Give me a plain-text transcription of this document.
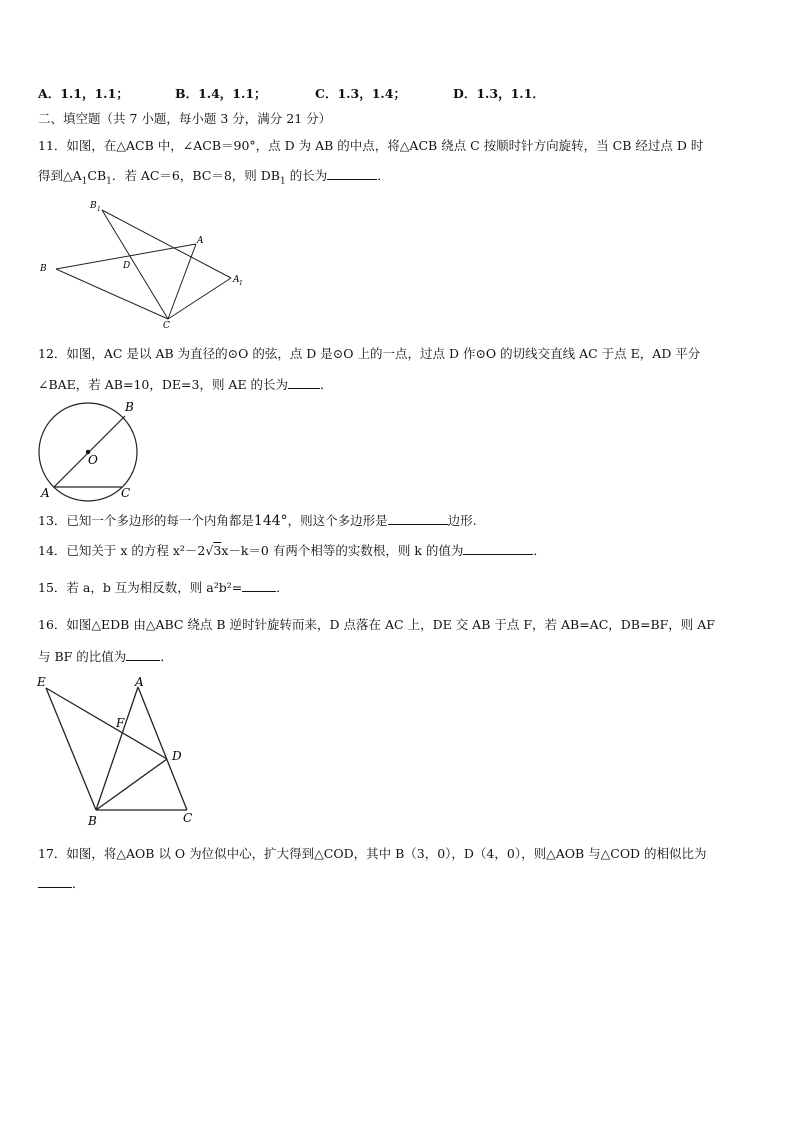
A．1.1，1.1；	B．1.4，1.1；	C．1.3，1.4；	D．1.3，1.1．
二、填空题（共 7 小题，每小题 3 分，满分 21 分）
11．如图，在△ACB 中，∠ACB＝90°，点 D 为 AB 的中点，将△ACB 绕点 C 按顺时针方向旋转，当 CB 经过点 D 时
得到$\triangle A_1CB_1$．若 AC＝6，BC＝8，则 $DB_1$ 的长为	．
B 1
A
B	D
A 1
C
12．如图，AC 是以 AB 为直径的⊙O 的弦，点 D 是⊙O 上的一点，过点 D 作⊙O 的切线交直线 AC 于点 E，AD 平分
∠BAE，若 AB=10，DE=3，则 AE 的长为	．
B
O
A	C
13．已知一个多边形的每一个内角都是144°，则这个多边形是	边形.
14．已知关于 x 的方程 x²－2√3x－k＝0 有两个相等的实数根，则 k 的值为	．
15．若 a，b 互为相反数，则 a²b²=	．
16．如图△EDB 由△ABC 绕点 B 逆时针旋转而来，D 点落在 AC 上，DE 交 AB 于点 F，若 AB=AC，DB=BF，则 AF
与 BF 的比值为	．
E	A
F
D
B	C
17．如图，将△AOB 以 O 为位似中心，扩大得到△COD，其中 B（3，0），D（4，0），则△AOB 与△COD 的相似比为
．
